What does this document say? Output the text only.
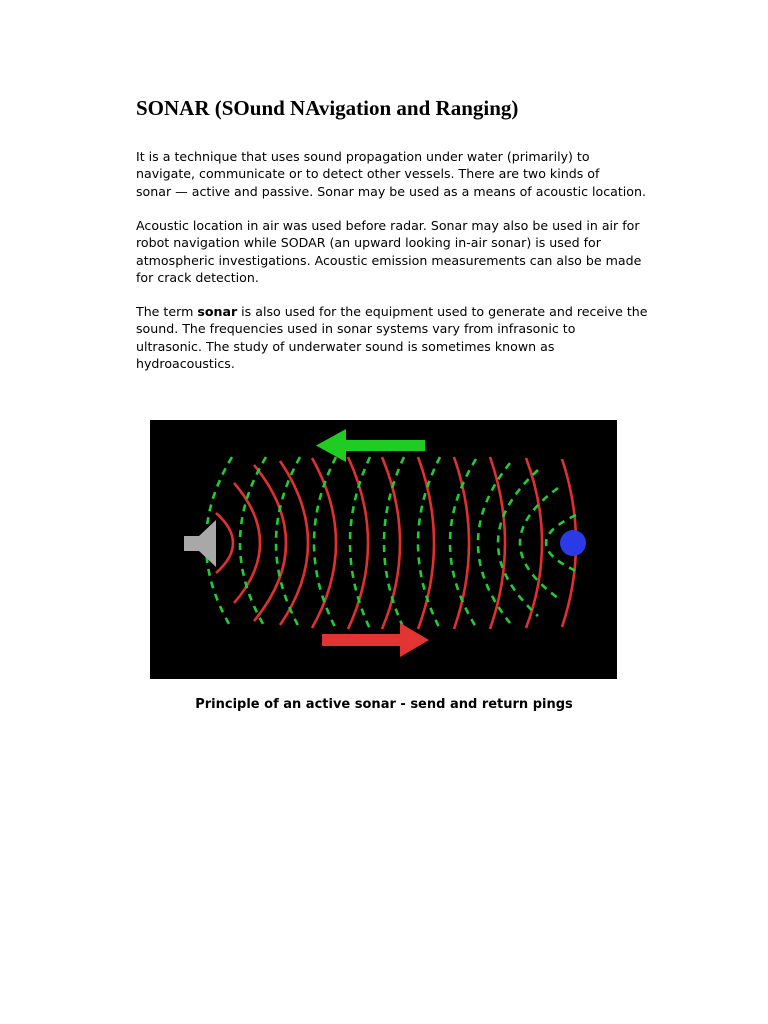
SONAR (SOund NAvigation and Ranging)

It is a technique that uses sound propagation under water (primarily) to
navigate, communicate or to detect other vessels. There are two kinds of
sonar — active and passive. Sonar may be used as a means of acoustic location.

Acoustic location in air was used before radar. Sonar may also be used in air for
robot navigation while SODAR (an upward looking in-air sonar) is used for
atmospheric investigations. Acoustic emission measurements can also be made
for crack detection.

The term sonar is also used for the equipment used to generate and receive the
sound. The frequencies used in sonar systems vary from infrasonic to
ultrasonic. The study of underwater sound is sometimes known as
hydroacoustics.

Principle of an active sonar - send and return pings
